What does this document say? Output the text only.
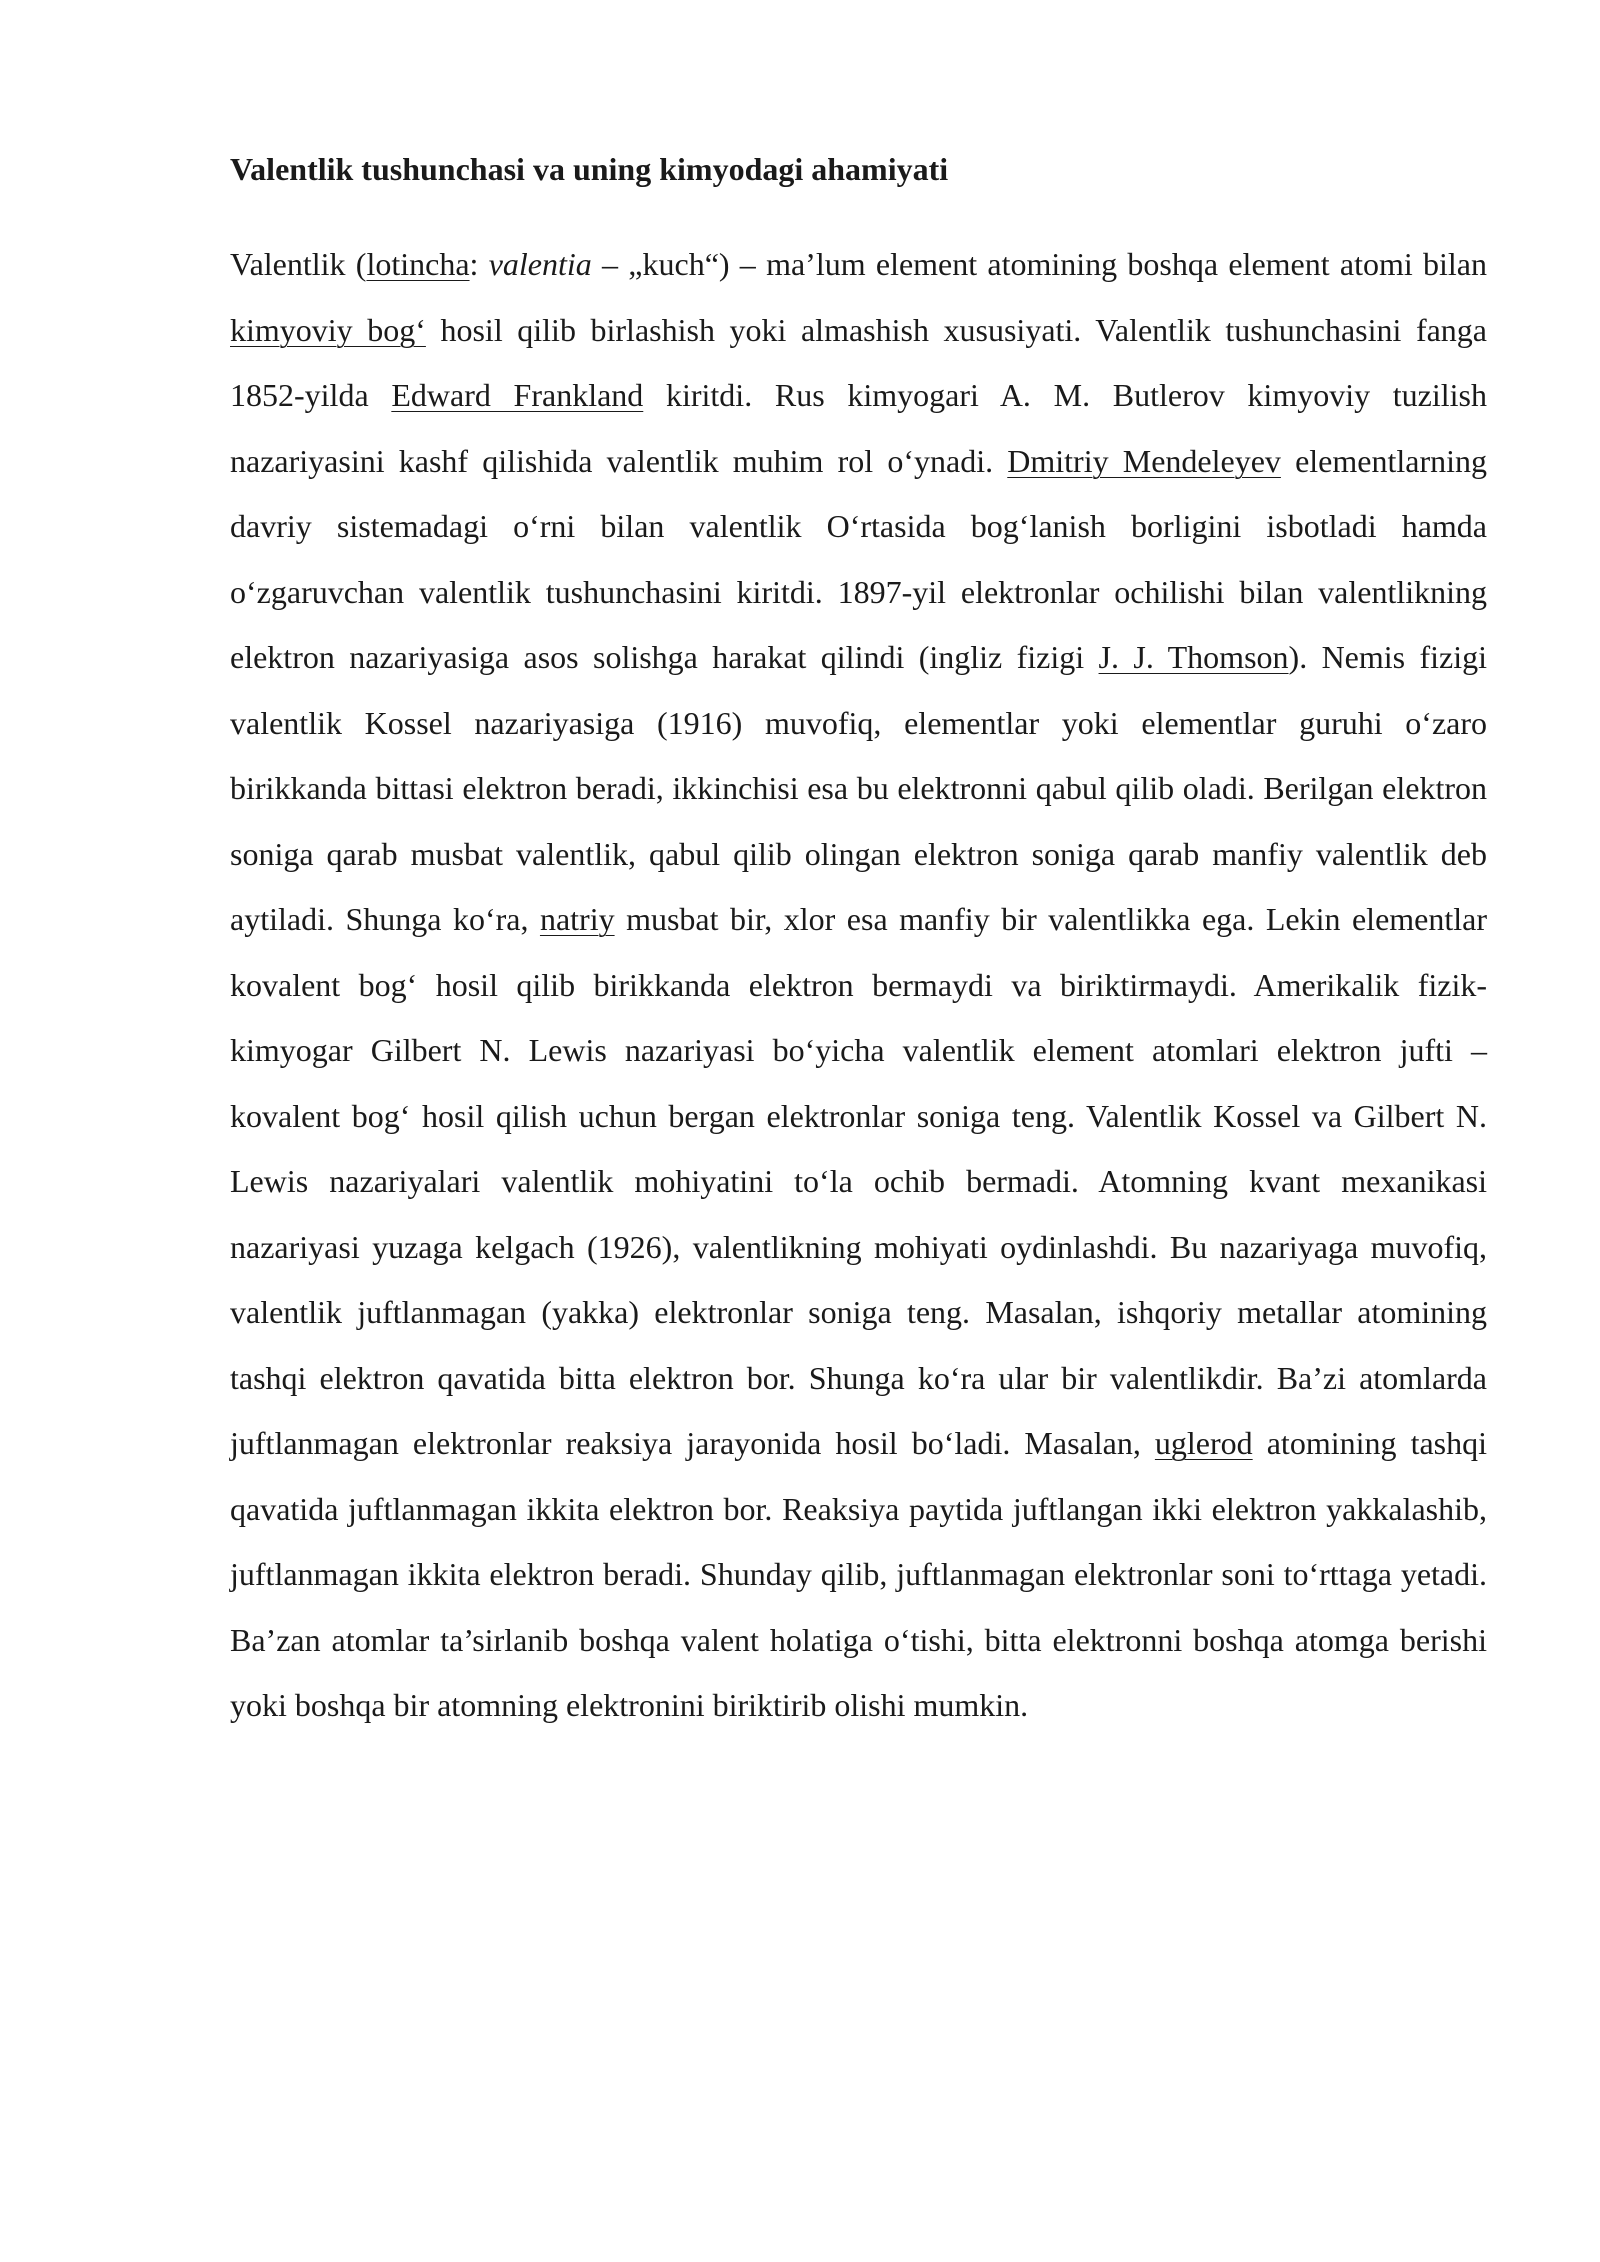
Valentlik tushunchasi va uning kimyodagi ahamiyati

Valentlik (lotincha: valentia – „kuch“) – ma’lum element atomining boshqa element atomi bilan kimyoviy bog‘ hosil qilib birlashish yoki almashish xususiyati. Valentlik tushunchasini fanga 1852-yilda Edward Frankland kiritdi. Rus kimyogari A. M. Butlerov kimyoviy tuzilish nazariyasini kashf qilishida valentlik muhim rol o‘ynadi. Dmitriy Mendeleyev elementlarning davriy sistemadagi o‘rni bilan valentlik O‘rtasida bog‘lanish borligini isbotladi hamda o‘zgaruvchan valentlik tushunchasini kiritdi. 1897-yil elektronlar ochilishi bilan valentlikning elektron nazariyasiga asos solishga harakat qilindi (ingliz fizigi J. J. Thomson). Nemis fizigi valentlik Kossel nazariyasiga (1916) muvofiq, elementlar yoki elementlar guruhi o‘zaro birikkanda bittasi elektron beradi, ikkinchisi esa bu elektronni qabul qilib oladi. Berilgan elektron soniga qarab musbat valentlik, qabul qilib olingan elektron soniga qarab manfiy valentlik deb aytiladi. Shunga ko‘ra, natriy musbat bir, xlor esa manfiy bir valentlikka ega. Lekin elementlar kovalent bog‘ hosil qilib birikkanda elektron bermaydi va biriktirmaydi. Amerikalik fizik-kimyogar Gilbert N. Lewis nazariyasi bo‘yicha valentlik element atomlari elektron jufti – kovalent bog‘ hosil qilish uchun bergan elektronlar soniga teng. Valentlik Kossel va Gilbert N. Lewis nazariyalari valentlik mohiyatini to‘la ochib bermadi. Atomning kvant mexanikasi nazariyasi yuzaga kelgach (1926), valentlikning mohiyati oydinlashdi. Bu nazariyaga muvofiq, valentlik juftlanmagan (yakka) elektronlar soniga teng. Masalan, ishqoriy metallar atomining tashqi elektron qavatida bitta elektron bor. Shunga ko‘ra ular bir valentlikdir. Ba’zi atomlarda juftlanmagan elektronlar reaksiya jarayonida hosil bo‘ladi. Masalan, uglerod atomining tashqi qavatida juftlanmagan ikkita elektron bor. Reaksiya paytida juftlangan ikki elektron yakkalashib, juftlanmagan ikkita elektron beradi. Shunday qilib, juftlanmagan elektronlar soni to‘rttaga yetadi. Ba’zan atomlar ta’sirlanib boshqa valent holatiga o‘tishi, bitta elektronni boshqa atomga berishi yoki boshqa bir atomning elektronini biriktirib olishi mumkin.
